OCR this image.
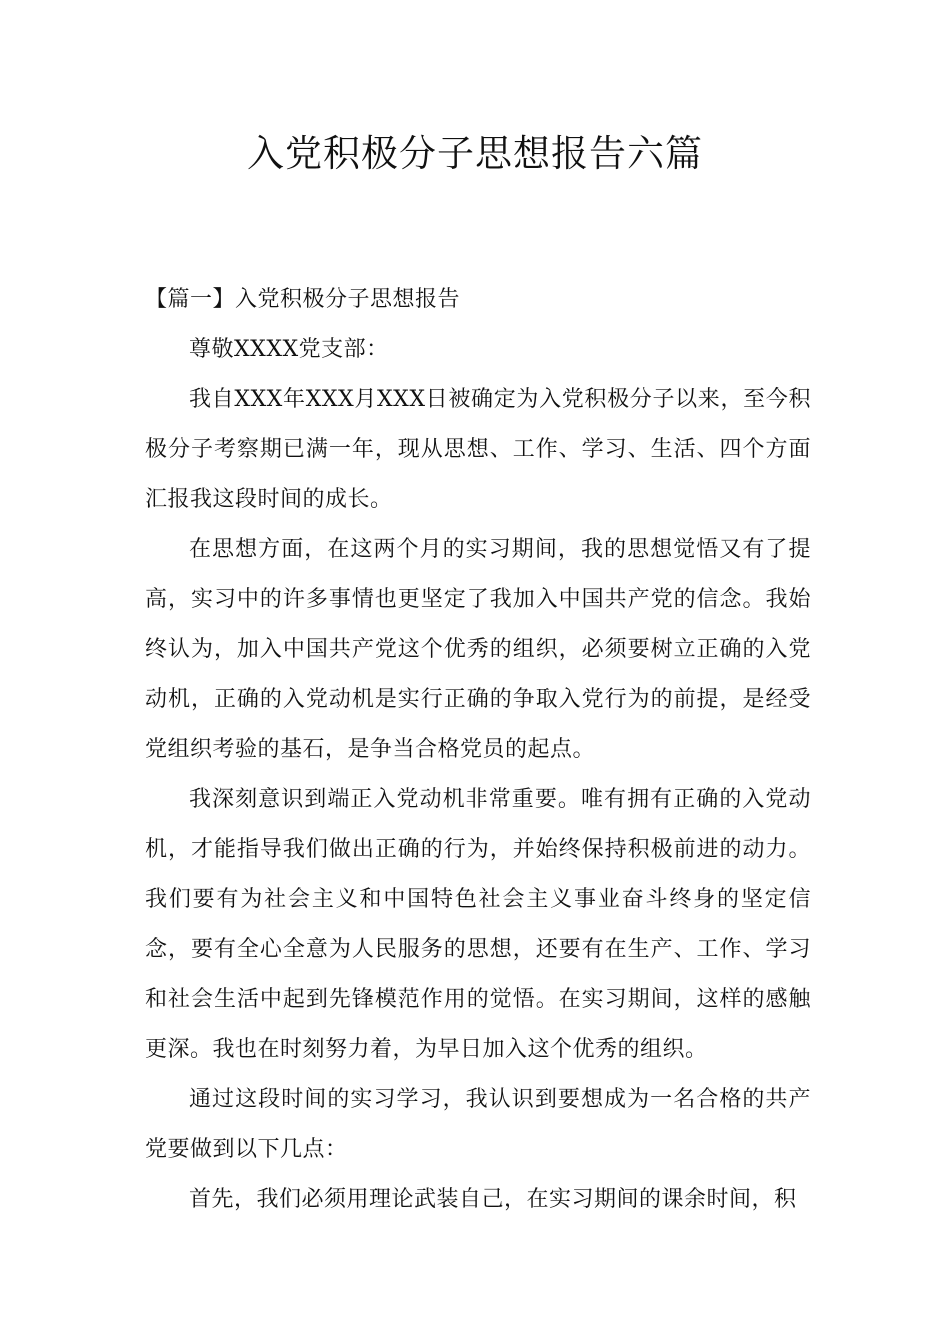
入党积极分子思想报告六篇

【篇一】入党积极分子思想报告

尊敬XXXX党支部：

我自XXX年XXX月XXX日被确定为入党积极分子以来，至今积极分子考察期已满一年，现从思想、工作、学习、生活、四个方面汇报我这段时间的成长。

在思想方面，在这两个月的实习期间，我的思想觉悟又有了提高，实习中的许多事情也更坚定了我加入中国共产党的信念。我始终认为，加入中国共产党这个优秀的组织，必须要树立正确的入党动机，正确的入党动机是实行正确的争取入党行为的前提，是经受党组织考验的基石，是争当合格党员的起点。

我深刻意识到端正入党动机非常重要。唯有拥有正确的入党动机，才能指导我们做出正确的行为，并始终保持积极前进的动力。我们要有为社会主义和中国特色社会主义事业奋斗终身的坚定信念，要有全心全意为人民服务的思想，还要有在生产、工作、学习和社会生活中起到先锋模范作用的觉悟。在实习期间，这样的感触更深。我也在时刻努力着，为早日加入这个优秀的组织。

通过这段时间的实习学习，我认识到要想成为一名合格的共产党要做到以下几点：

首先，我们必须用理论武装自己，在实习期间的课余时间，积
